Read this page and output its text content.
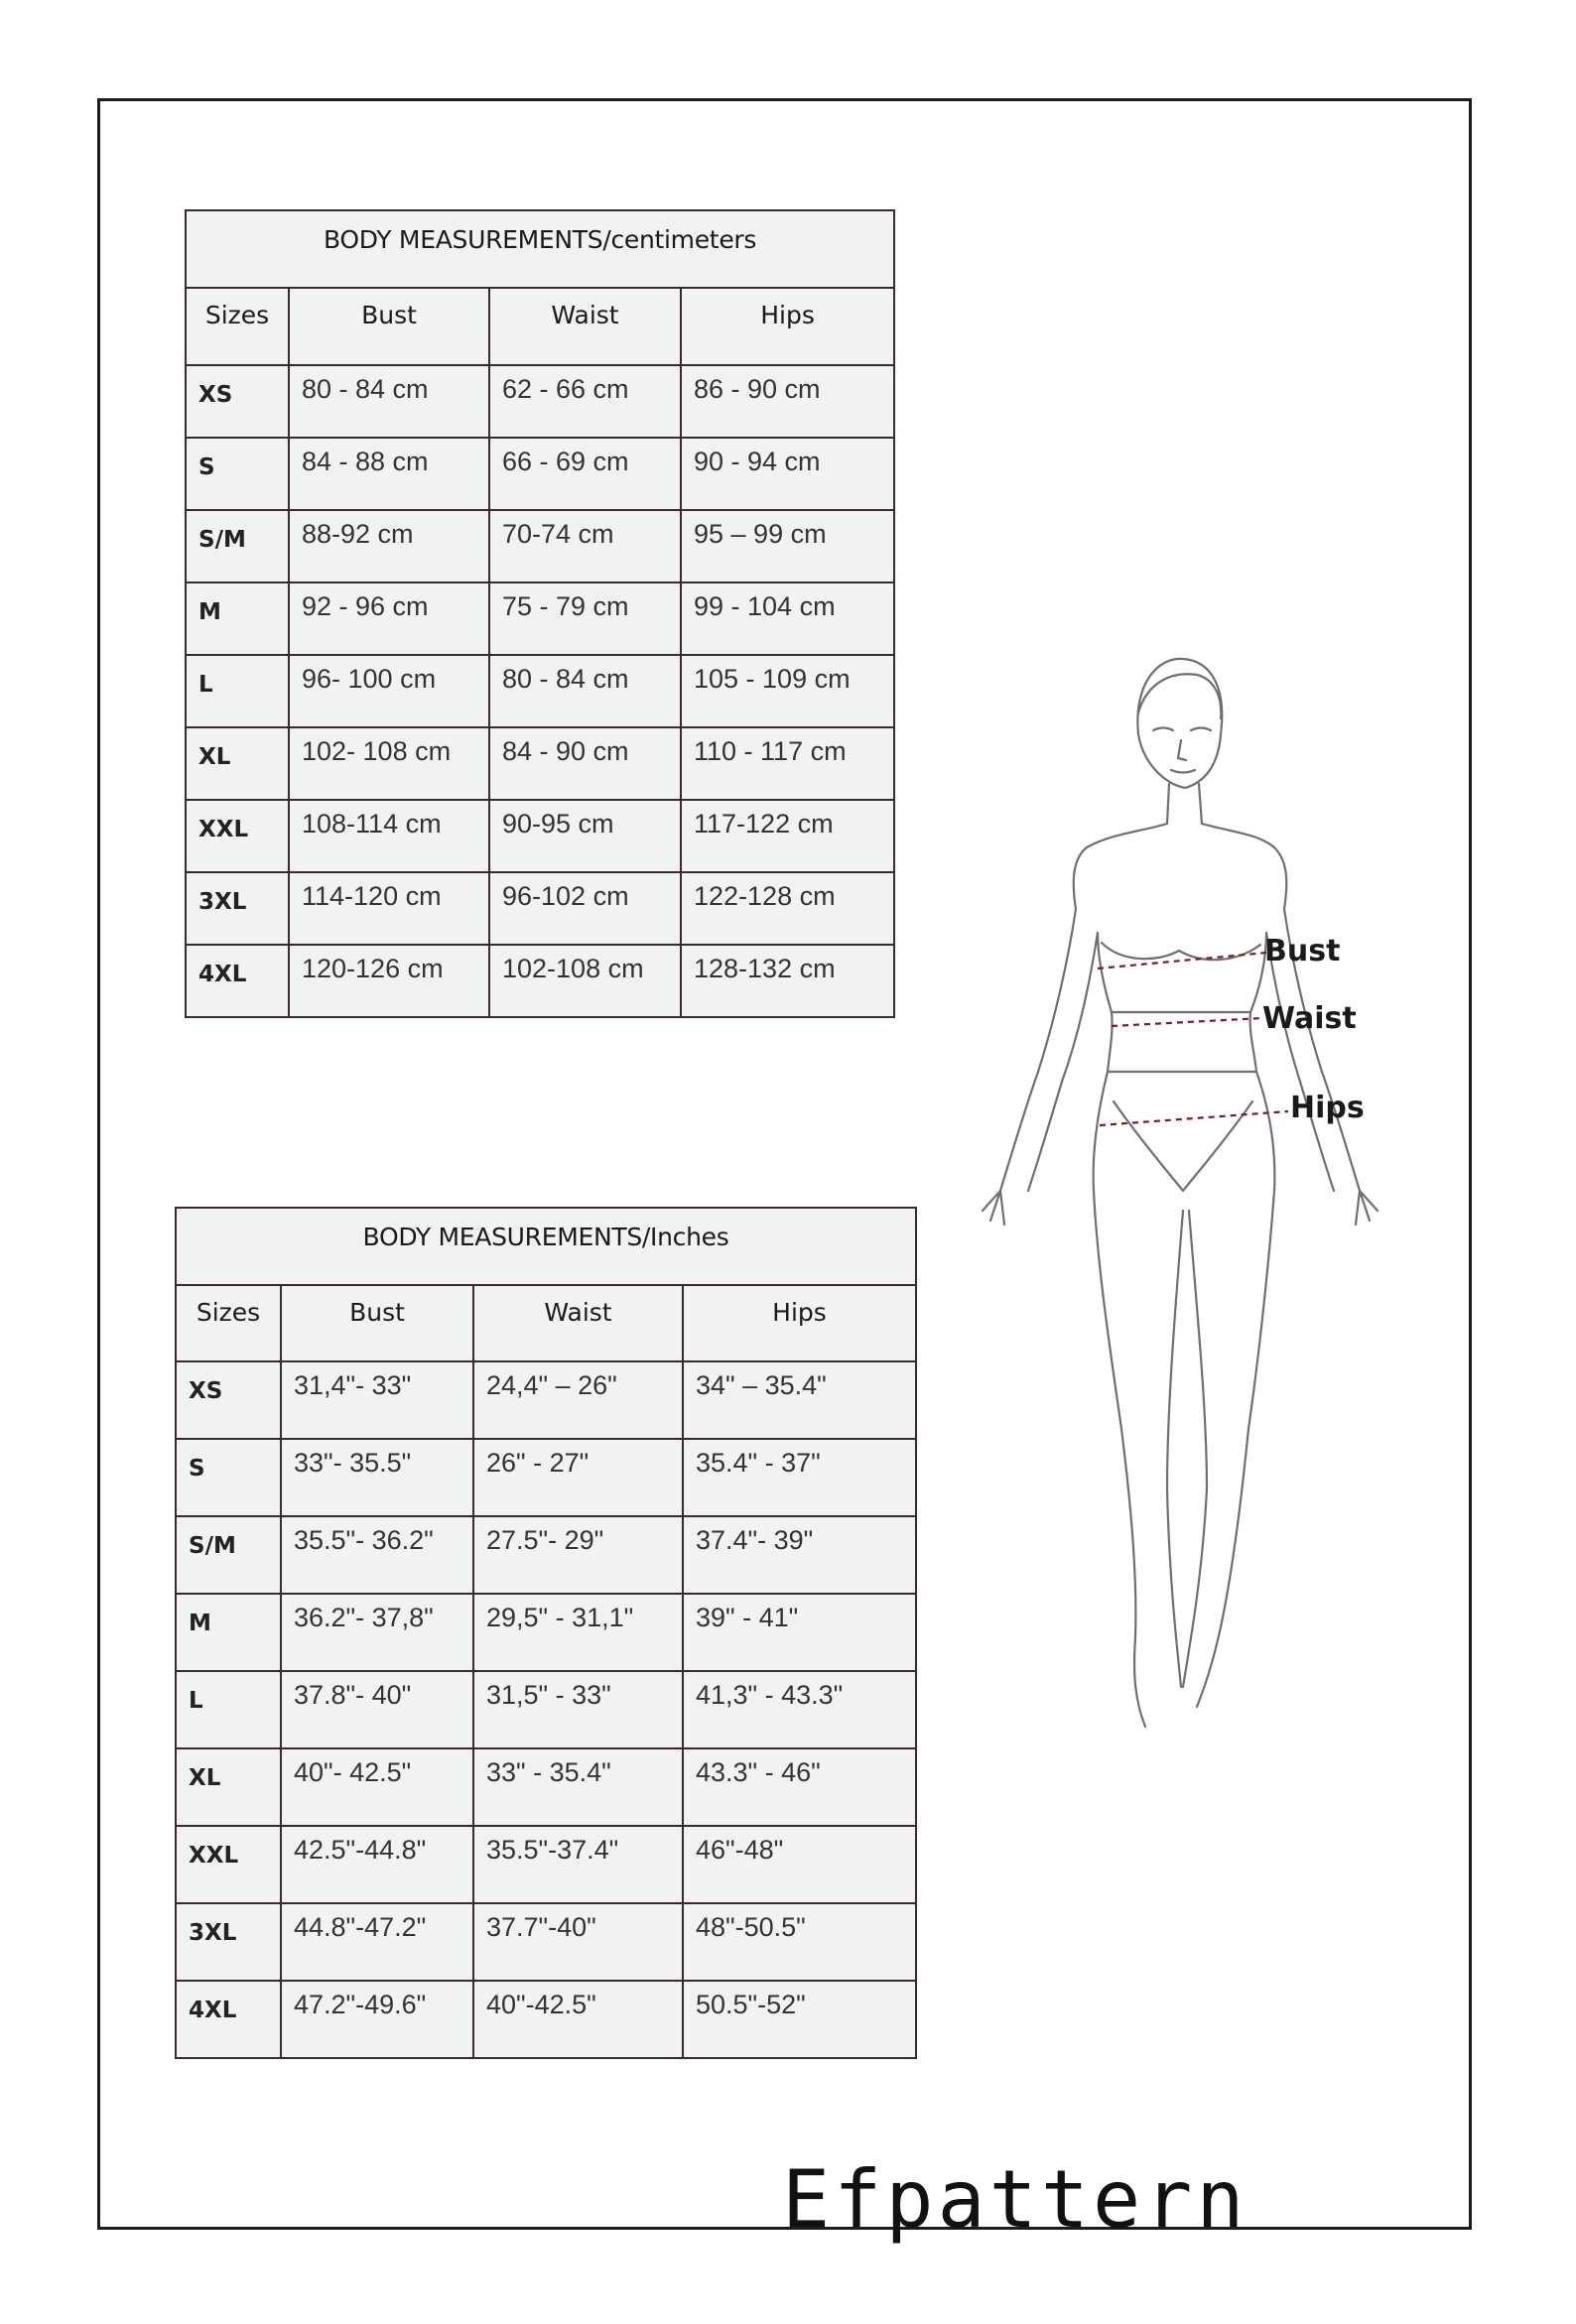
BODY MEASUREMENTS/centimeters			
Sizes	Bust	Waist	Hips
XS	80 - 84 cm	62 - 66 cm	86 - 90 cm
S	84 - 88 cm	66 - 69 cm	90 - 94 cm
S/M	88-92 cm	70-74 cm	95 – 99 cm
M	92 - 96 cm	75 - 79 cm	99 - 104 cm
L	96- 100 cm	80 - 84 cm	105 - 109 cm
XL	102- 108 cm	84 - 90 cm	110 - 117 cm
XXL	108-114 cm	90-95 cm	117-122 cm
3XL	114-120 cm	96-102 cm	122-128 cm
4XL	120-126 cm	102-108 cm	128-132 cm
BODY MEASUREMENTS/Inches			
Sizes	Bust	Waist	Hips
XS	31,4"- 33"	24,4" – 26"	34" – 35.4"
S	33"- 35.5"	26" - 27"	35.4" - 37"
S/M	35.5"- 36.2"	27.5"- 29"	37.4"- 39"
M	36.2"- 37,8"	29,5" - 31,1"	39" - 41"
L	37.8"- 40"	31,5" - 33"	41,3" - 43.3"
XL	40"- 42.5"	33" - 35.4"	43.3" - 46"
XXL	42.5"-44.8"	35.5"-37.4"	46"-48"
3XL	44.8"-47.2"	37.7"-40"	48"-50.5"
4XL	47.2"-49.6"	40"-42.5"	50.5"-52"
Bust
Waist
Hips
Efpattern
